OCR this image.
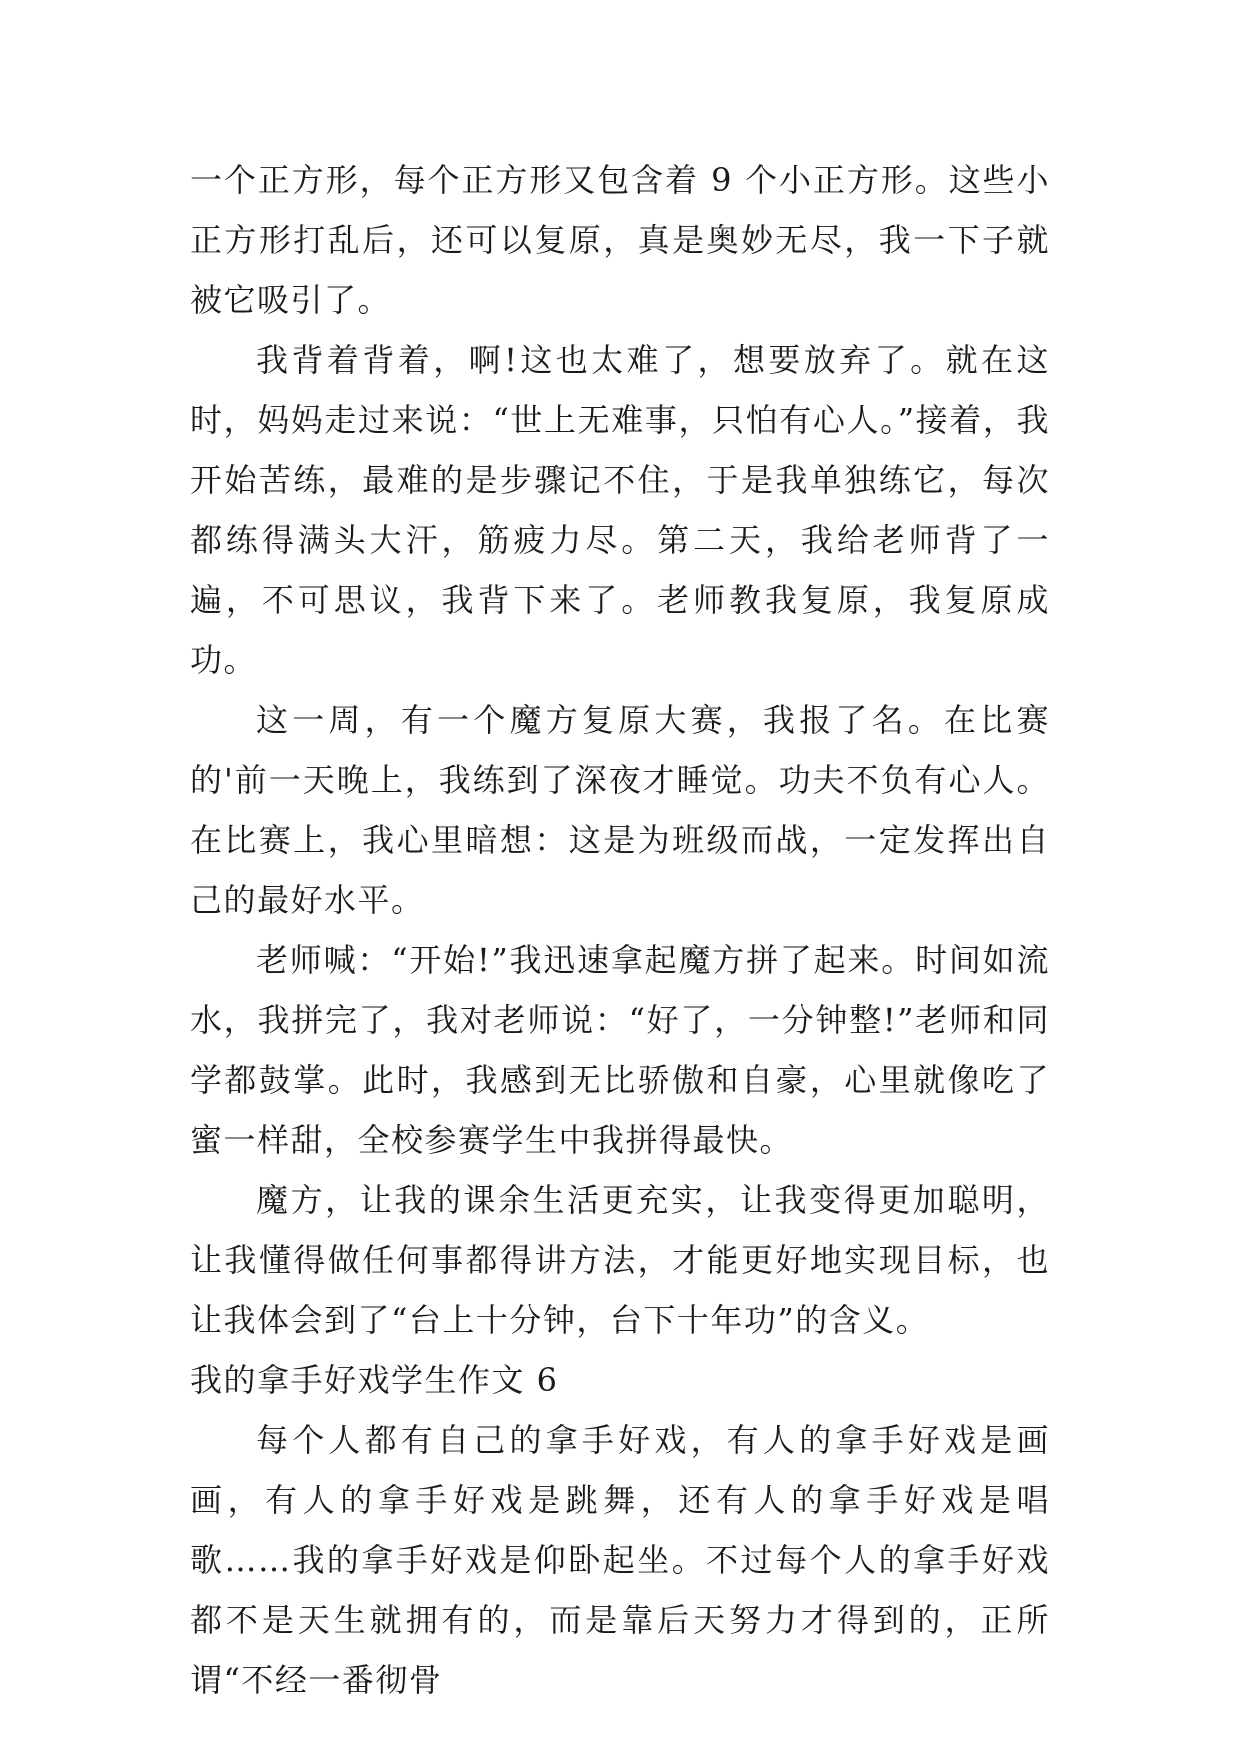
一个正方形，每个正方形又包含着 9 个小正方形。这些小正方形打乱后，还可以复原，真是奥妙无尽，我一下子就被它吸引了。

我背着背着，啊!这也太难了，想要放弃了。就在这时，妈妈走过来说：“世上无难事，只怕有心人。”接着，我开始苦练，最难的是步骤记不住，于是我单独练它，每次都练得满头大汗，筋疲力尽。第二天，我给老师背了一遍，不可思议，我背下来了。老师教我复原，我复原成功。

这一周，有一个魔方复原大赛，我报了名。在比赛的'前一天晚上，我练到了深夜才睡觉。功夫不负有心人。在比赛上，我心里暗想：这是为班级而战，一定发挥出自己的最好水平。

老师喊：“开始!”我迅速拿起魔方拼了起来。时间如流水，我拼完了，我对老师说：“好了，一分钟整!”老师和同学都鼓掌。此时，我感到无比骄傲和自豪，心里就像吃了蜜一样甜，全校参赛学生中我拼得最快。

魔方，让我的课余生活更充实，让我变得更加聪明，让我懂得做任何事都得讲方法，才能更好地实现目标，也让我体会到了“台上十分钟，台下十年功”的含义。

我的拿手好戏学生作文 6

每个人都有自己的拿手好戏，有人的拿手好戏是画画，有人的拿手好戏是跳舞，还有人的拿手好戏是唱歌……我的拿手好戏是仰卧起坐。不过每个人的拿手好戏都不是天生就拥有的，而是靠后天努力才得到的，正所谓“不经一番彻骨
